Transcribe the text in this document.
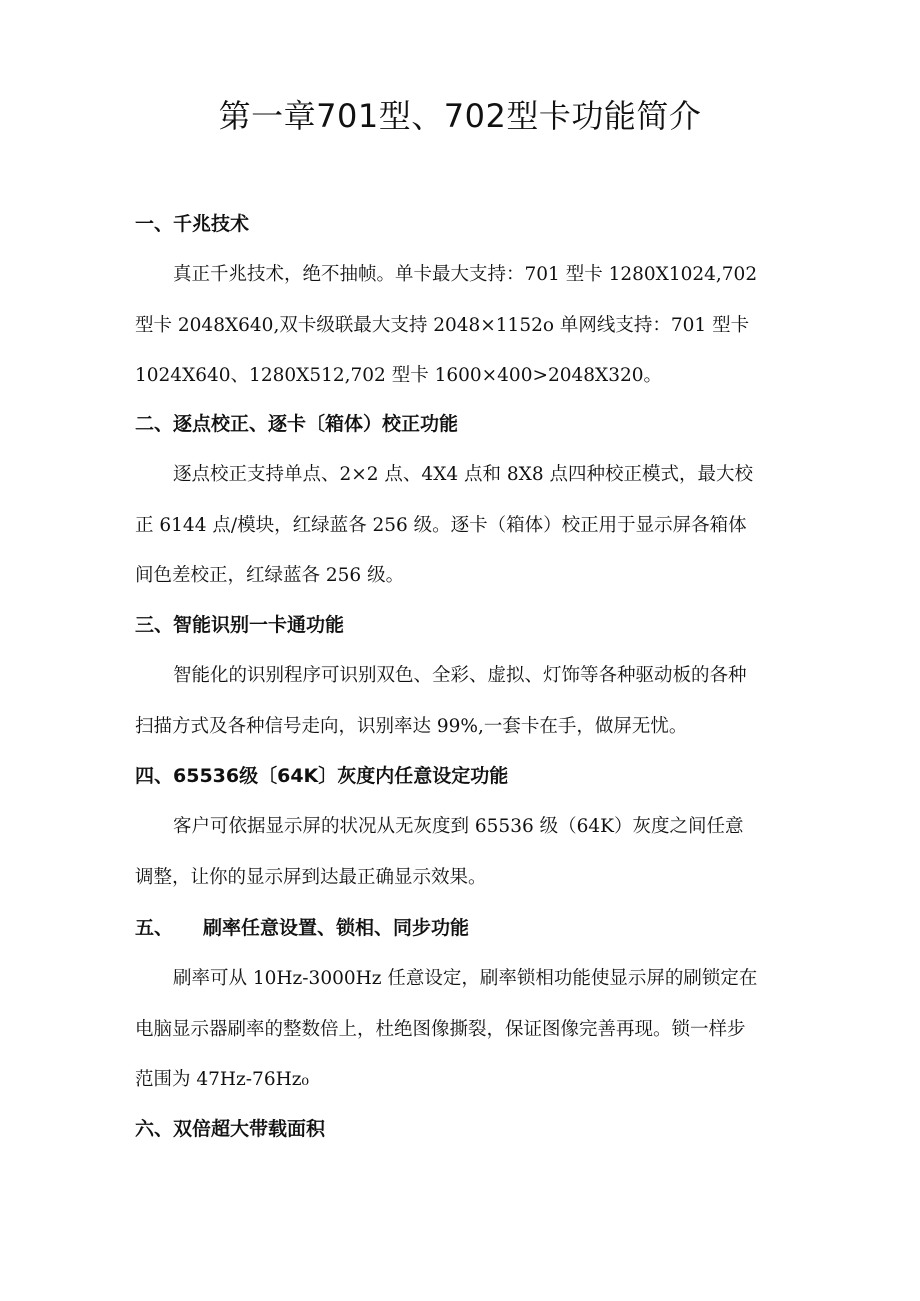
第一章701型、702型卡功能简介
一、千兆技术
真正千兆技术，绝不抽帧。单卡最大支持：701 型卡 1280X1024,702
型卡 2048X640,双卡级联最大支持 2048×1152o 单网线支持：701 型卡
1024X640、1280X512,702 型卡 1600×400>2048X320。
二、逐点校正、逐卡〔箱体）校正功能
逐点校正支持单点、2×2 点、4X4 点和 8X8 点四种校正模式，最大校
正 6144 点/模块，红绿蓝各 256 级。逐卡（箱体）校正用于显示屏各箱体
间色差校正，红绿蓝各 256 级。
三、智能识别一卡通功能
智能化的识别程序可识别双色、全彩、虚拟、灯饰等各种驱动板的各种
扫描方式及各种信号走向，识别率达 99%,一套卡在手，做屏无忧。
四、65536级〔64K〕灰度内任意设定功能
客户可依据显示屏的状况从无灰度到 65536 级（64K）灰度之间任意
调整，让你的显示屏到达最正确显示效果。
五、 刷率任意设置、锁相、同步功能
刷率可从 10Hz-3000Hz 任意设定，刷率锁相功能使显示屏的刷锁定在
电脑显示器刷率的整数倍上，杜绝图像撕裂，保证图像完善再现。锁一样步
范围为 47Hz-76Hz₀
六、双倍超大带载面积
